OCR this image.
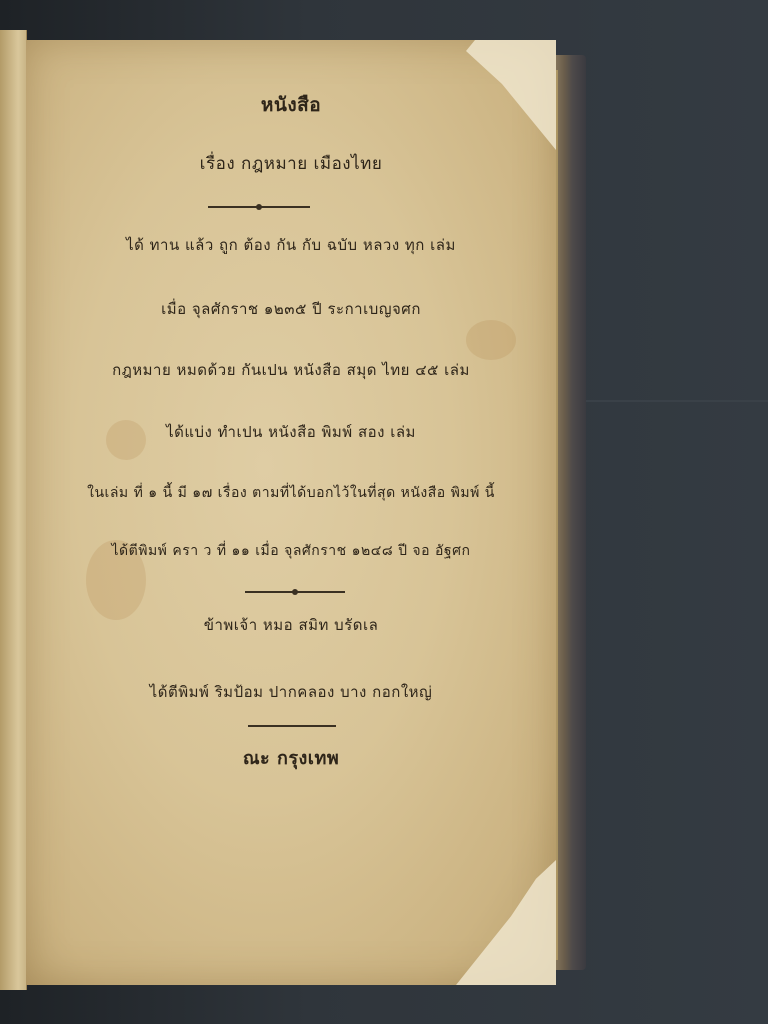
หนังสือ
เรื่อง กฎหมาย เมืองไทย
ได้ ทาน แล้ว ถูก ต้อง กัน กับ ฉบับ หลวง ทุก เล่ม
เมื่อ จุลศักราช ๑๒๓๕ ปี ระกาเบญจศก
กฎหมาย หมดด้วย กันเปน หนังสือ สมุด ไทย ๔๕ เล่ม
ได้แบ่ง ทำเปน หนังสือ พิมพ์ สอง เล่ม
ในเล่ม ที่ ๑ นี้ มี ๑๗ เรื่อง ตามที่ได้บอกไว้ในที่สุด หนังสือ พิมพ์ นี้
ได้ตีพิมพ์ ครา ว ที่ ๑๑ เมื่อ จุลศักราช ๑๒๔๘ ปี จอ อัฐศก
ข้าพเจ้า หมอ สมิท บรัดเล
ได้ตีพิมพ์ ริมป้อม ปากคลอง บาง กอกใหญ่
ณะ กรุงเทพ
